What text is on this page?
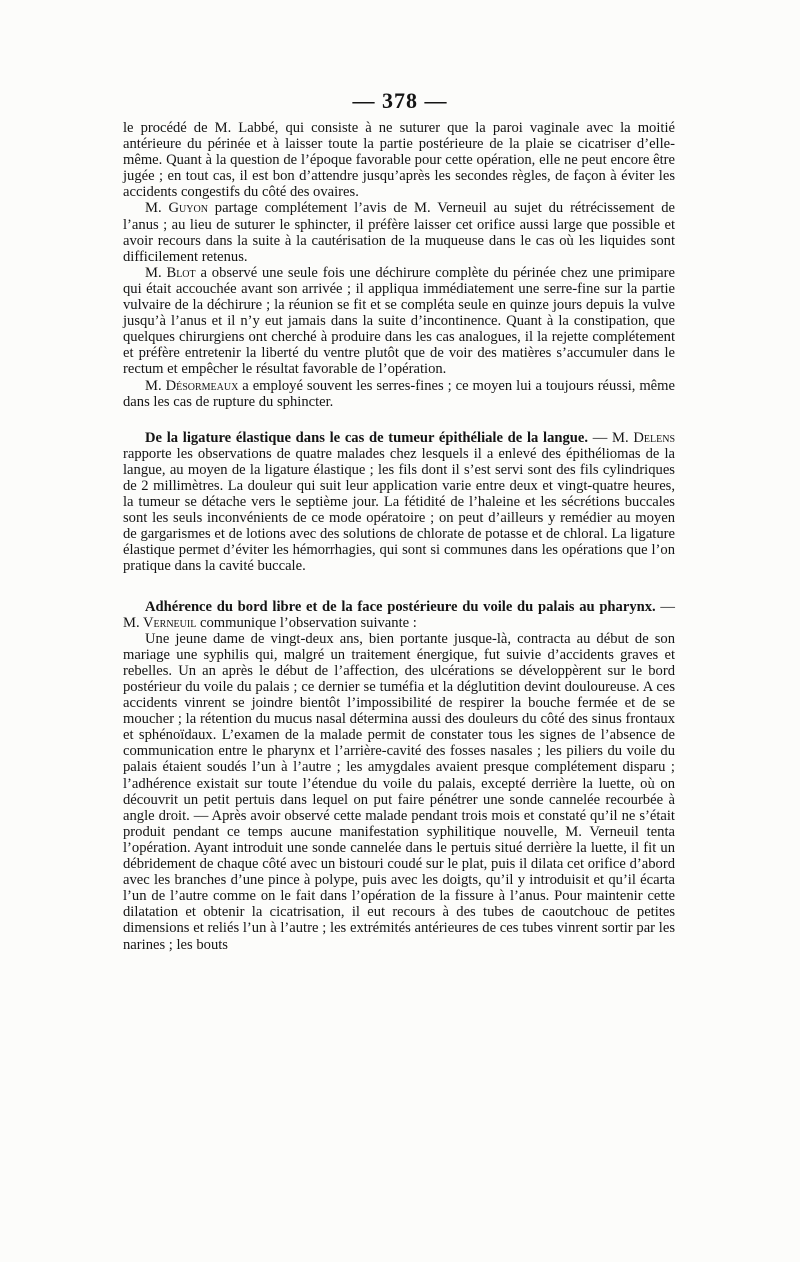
— 378 —

le procédé de M. Labbé, qui consiste à ne suturer que la paroi vaginale avec la moitié antérieure du périnée et à laisser toute la partie postérieure de la plaie se cicatriser d’elle-même. Quant à la question de l’époque favorable pour cette opération, elle ne peut encore être jugée ; en tout cas, il est bon d’attendre jusqu’après les secondes règles, de façon à éviter les accidents congestifs du côté des ovaires.

M. Guyon partage complétement l’avis de M. Verneuil au sujet du rétrécissement de l’anus ; au lieu de suturer le sphincter, il préfère laisser cet orifice aussi large que possible et avoir recours dans la suite à la cautérisation de la muqueuse dans le cas où les liquides sont difficilement retenus.

M. Blot a observé une seule fois une déchirure complète du périnée chez une primipare qui était accouchée avant son arrivée ; il appliqua immédiatement une serre-fine sur la partie vulvaire de la déchirure ; la réunion se fit et se compléta seule en quinze jours depuis la vulve jusqu’à l’anus et il n’y eut jamais dans la suite d’incontinence. Quant à la constipation, que quelques chirurgiens ont cherché à produire dans les cas analogues, il la rejette complétement et préfère entretenir la liberté du ventre plutôt que de voir des matières s’accumuler dans le rectum et empêcher le résultat favorable de l’opération.

M. Désormeaux a employé souvent les serres-fines ; ce moyen lui a toujours réussi, même dans les cas de rupture du sphincter.

De la ligature élastique dans le cas de tumeur épithéliale de la langue. — M. Delens rapporte les observations de quatre malades chez lesquels il a enlevé des épithéliomas de la langue, au moyen de la ligature élastique ; les fils dont il s’est servi sont des fils cylindriques de 2 millimètres. La douleur qui suit leur application varie entre deux et vingt-quatre heures, la tumeur se détache vers le septième jour. La fétidité de l’haleine et les sécrétions buccales sont les seuls inconvénients de ce mode opératoire ; on peut d’ailleurs y remédier au moyen de gargarismes et de lotions avec des solutions de chlorate de potasse et de chloral. La ligature élastique permet d’éviter les hémorrhagies, qui sont si communes dans les opérations que l’on pratique dans la cavité buccale.

Adhérence du bord libre et de la face postérieure du voile du palais au pharynx. — M. Verneuil communique l’observation suivante :

Une jeune dame de vingt-deux ans, bien portante jusque-là, contracta au début de son mariage une syphilis qui, malgré un traitement énergique, fut suivie d’accidents graves et rebelles. Un an après le début de l’affection, des ulcérations se développèrent sur le bord postérieur du voile du palais ; ce dernier se tuméfia et la déglutition devint douloureuse. A ces accidents vinrent se joindre bientôt l’impossibilité de respirer la bouche fermée et de se moucher ; la rétention du mucus nasal détermina aussi des douleurs du côté des sinus frontaux et sphénoïdaux. L’examen de la malade permit de constater tous les signes de l’absence de communication entre le pharynx et l’arrière-cavité des fosses nasales ; les piliers du voile du palais étaient soudés l’un à l’autre ; les amygdales avaient presque complétement disparu ; l’adhérence existait sur toute l’étendue du voile du palais, excepté derrière la luette, où on découvrit un petit pertuis dans lequel on put faire pénétrer une sonde cannelée recourbée à angle droit. — Après avoir observé cette malade pendant trois mois et constaté qu’il ne s’était produit pendant ce temps aucune manifestation syphilitique nouvelle, M. Verneuil tenta l’opération. Ayant introduit une sonde cannelée dans le pertuis situé derrière la luette, il fit un débridement de chaque côté avec un bistouri coudé sur le plat, puis il dilata cet orifice d’abord avec les branches d’une pince à polype, puis avec les doigts, qu’il y introduisit et qu’il écarta l’un de l’autre comme on le fait dans l’opération de la fissure à l’anus. Pour maintenir cette dilatation et obtenir la cicatrisation, il eut recours à des tubes de caoutchouc de petites dimensions et reliés l’un à l’autre ; les extrémités antérieures de ces tubes vinrent sortir par les narines ; les bouts
